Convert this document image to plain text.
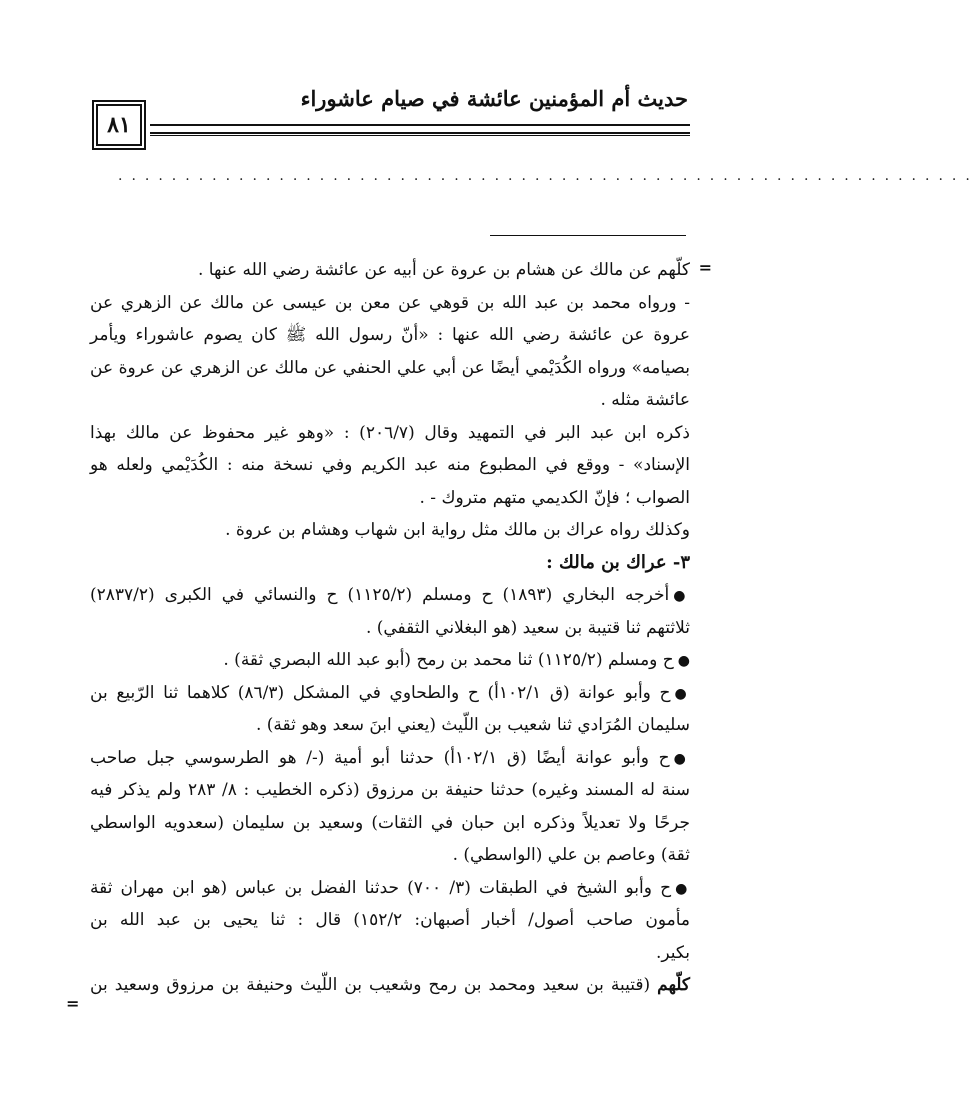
٨١
حديث أم المؤمنين عائشة في صيام عاشوراء
................................................................
=
=
كلّهم عن مالك عن هشام بن عروة عن أبيه عن عائشة رضي الله عنها .
- ورواه محمد بن عبد الله بن قوهي عن معن بن عيسى عن مالك عن الزهري عن
عروة عن عائشة رضي الله عنها : «أنّ رسول الله ﷺ كان يصوم عاشوراء ويأمر
بصيامه» ورواه الكُدَيْمي أيضًا عن أبي علي الحنفي عن مالك عن الزهري عن عروة عن
عائشة مثله .
ذكره ابن عبد البر في التمهيد وقال (٢٠٦/٧) : «وهو غير محفوظ عن مالك بهذا
الإسناد» - ووقع في المطبوع منه عبد الكريم وفي نسخة منه : الكُدَيْمي ولعله هو
الصواب ؛ فإنّ الكديمي متهم متروك - .
وكذلك رواه عراك بن مالك مثل رواية ابن شهاب وهشام بن عروة .
٣- عراك بن مالك :
●أخرجه البخاري (١٨٩٣) ح ومسلم (١١٢٥/٢) ح والنسائي في الكبرى (٢٨٣٧/٢)
ثلاثتهم ثنا قتيبة بن سعيد (هو البغلاني الثقفي) .
●ح ومسلم (١١٢٥/٢) ثنا محمد بن رمح (أبو عبد الله البصري ثقة) .
●ح وأبو عوانة (ق ١٠٢/١أ) ح والطحاوي في المشكل (٨٦/٣) كلاهما ثنا الرّبيع بن
سليمان المُرَادي ثنا شعيب بن اللّيث (يعني ابنَ سعد وهو ثقة) .
●ح وأبو عوانة أيضًا (ق ١٠٢/١أ) حدثنا أبو أمية (-/ هو الطرسوسي جبل صاحب
سنة له المسند وغيره) حدثنا حنيفة بن مرزوق (ذكره الخطيب : ٨/ ٢٨٣ ولم يذكر فيه
جرحًا ولا تعديلاً وذكره ابن حبان في الثقات) وسعيد بن سليمان (سعدويه الواسطي
ثقة) وعاصم بن علي (الواسطي) .
●ح وأبو الشيخ في الطبقات (٣/ ٧٠٠) حدثنا الفضل بن عباس (هو ابن مهران ثقة
مأمون صاحب أصول/ أخبار أصبهان: ١٥٢/٢) قال : ثنا يحيى بن عبد الله بن
بكير.
كلّهم (قتيبة بن سعيد ومحمد بن رمح وشعيب بن اللّيث وحنيفة بن مرزوق وسعيد بن
